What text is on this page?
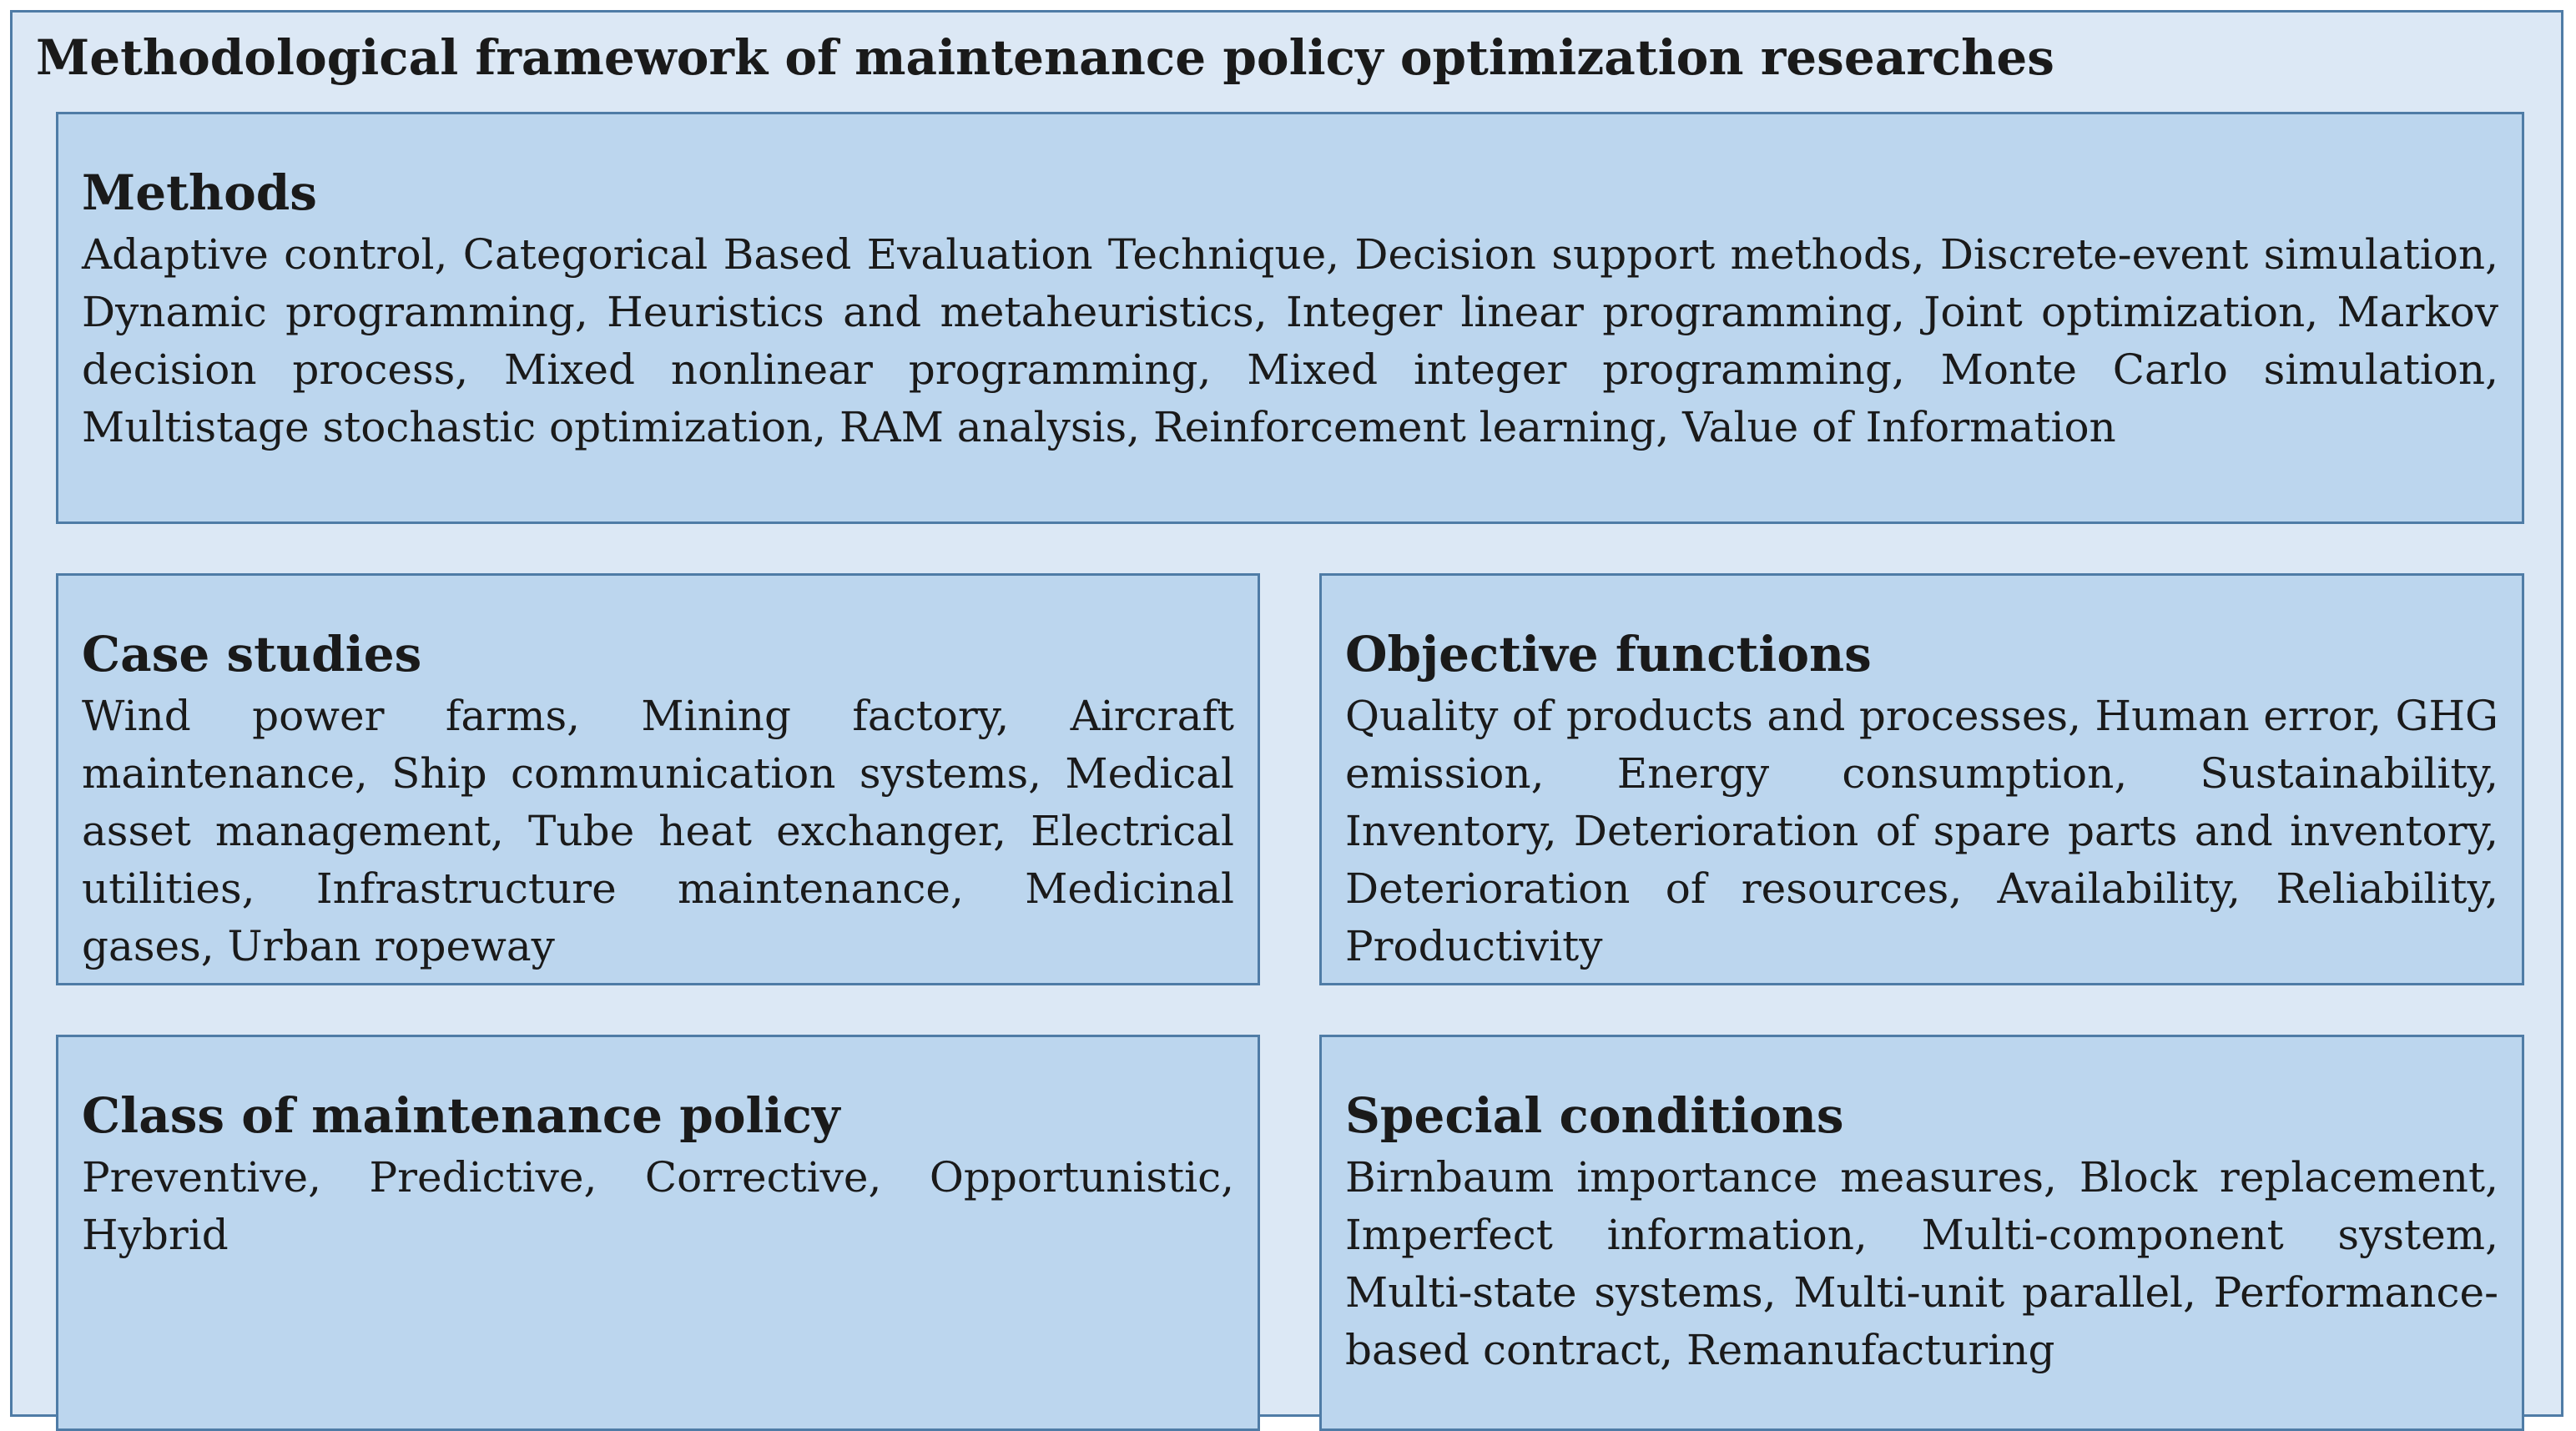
Methodological framework of maintenance policy optimization researches
Methods

Adaptive control, Categorical Based Evaluation Technique, Decision support methods, Discrete-event simulation, Dynamic programming, Heuristics and metaheuristics, Integer linear programming, Joint optimization, Markov decision process, Mixed nonlinear programming, Mixed integer programming, Monte Carlo simulation, Multistage stochastic optimization, RAM analysis, Reinforcement learning, Value of Information

Case studies

Wind power farms, Mining factory, Aircraft maintenance, Ship communication systems, Medical asset management, Tube heat exchanger, Electrical utilities, Infrastructure maintenance, Medicinal gases, Urban ropeway

Objective functions

Quality of products and processes, Human error, GHG emission, Energy consumption, Sustainability, Inventory, Deterioration of spare parts and inventory, Deterioration of resources, Availability, Reliability, Productivity

Class of maintenance policy

Preventive, Predictive, Corrective, Opportunistic, Hybrid

Special conditions

Birnbaum importance measures, Block replacement, Imperfect information, Multi-component system, Multi-state systems, Multi-unit parallel, Performance-based contract, Remanufacturing
